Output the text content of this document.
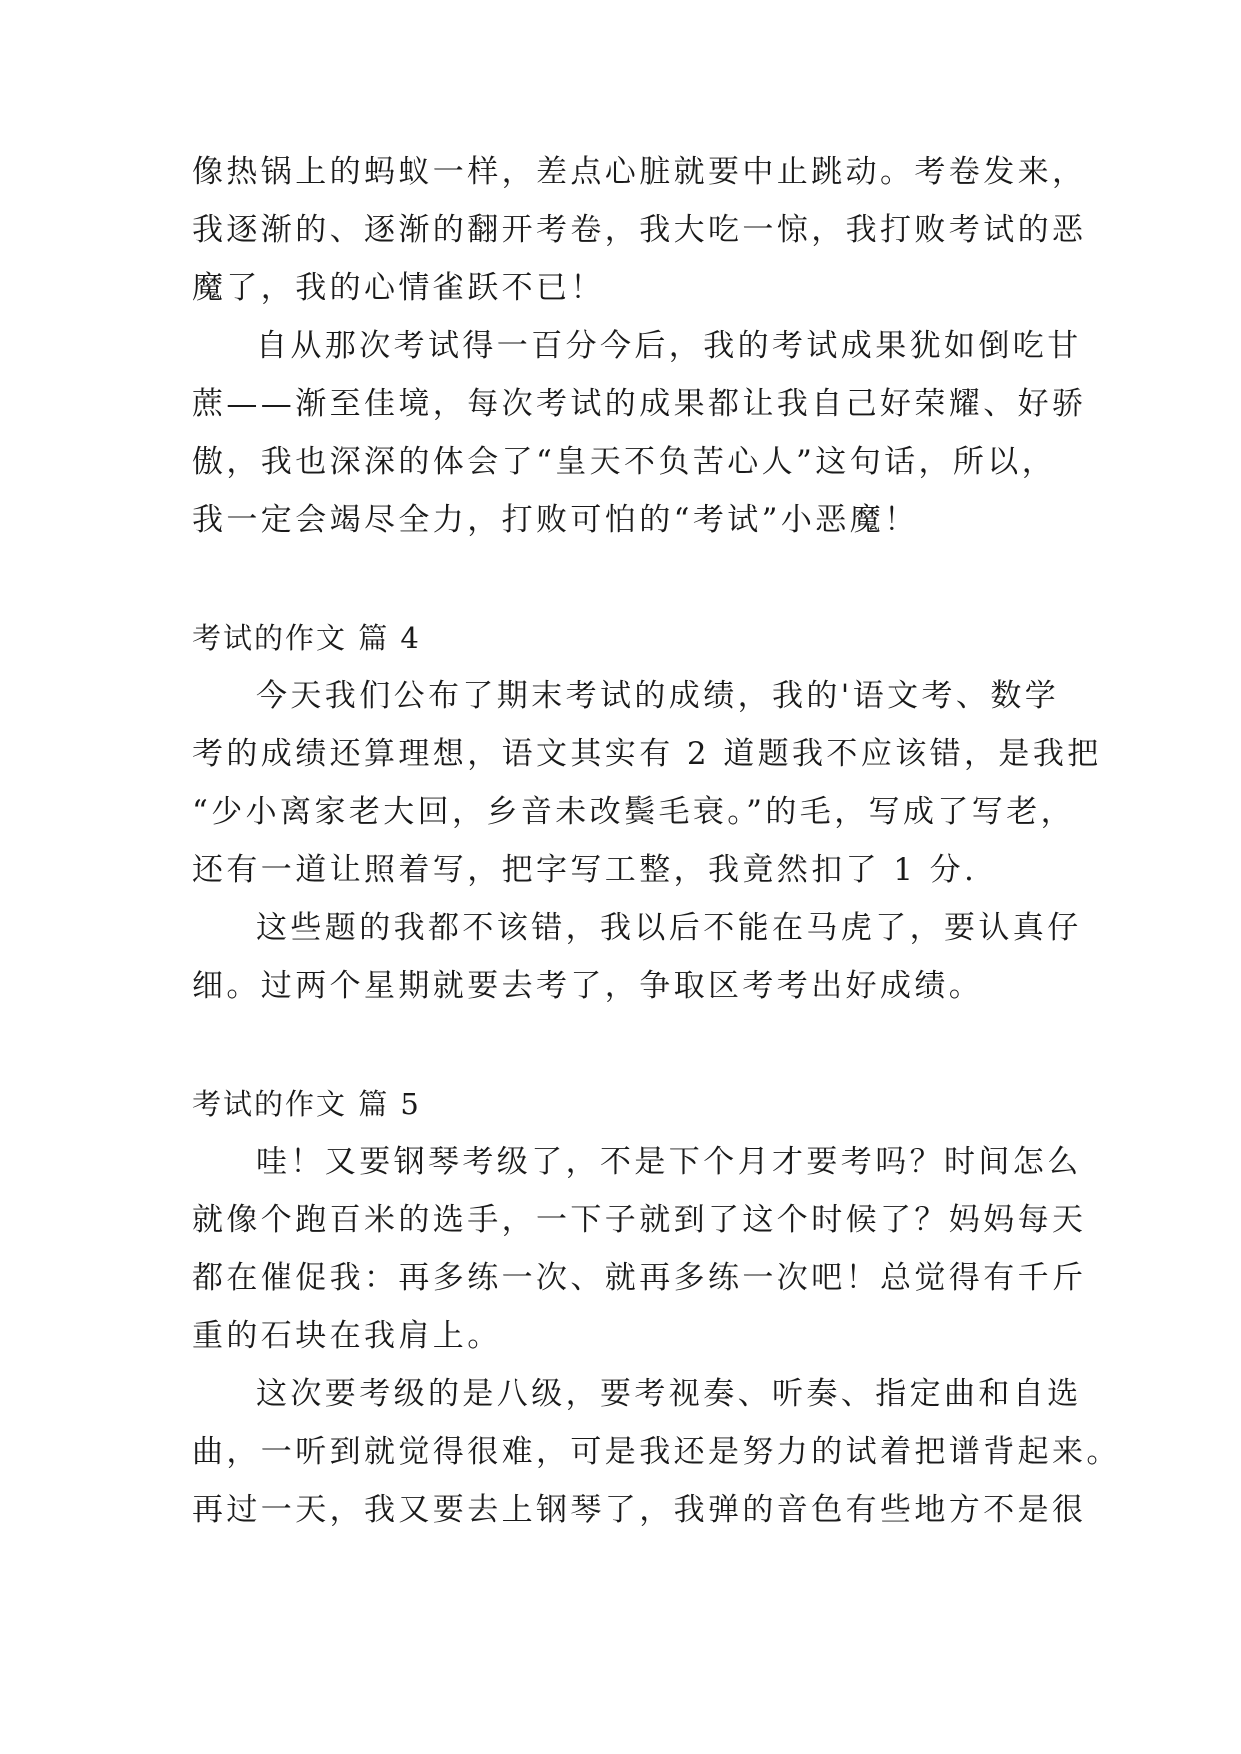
像热锅上的蚂蚁一样，差点心脏就要中止跳动。考卷发来，
我逐渐的、逐渐的翻开考卷，我大吃一惊，我打败考试的恶
魔了，我的心情雀跃不已！
自从那次考试得一百分今后，我的考试成果犹如倒吃甘
蔗——渐至佳境，每次考试的成果都让我自己好荣耀、好骄
傲，我也深深的体会了“皇天不负苦心人”这句话，所以，
我一定会竭尽全力，打败可怕的“考试”小恶魔！
考试的作文 篇 4
今天我们公布了期末考试的成绩，我的'语文考、数学
考的成绩还算理想，语文其实有 2 道题我不应该错，是我把
“少小离家老大回，乡音未改鬓毛衰。”的毛，写成了写老，
还有一道让照着写，把字写工整，我竟然扣了 1 分.
这些题的我都不该错，我以后不能在马虎了，要认真仔
细。过两个星期就要去考了，争取区考考出好成绩。
考试的作文 篇 5
哇！又要钢琴考级了，不是下个月才要考吗？时间怎么
就像个跑百米的选手，一下子就到了这个时候了？妈妈每天
都在催促我：再多练一次、就再多练一次吧！总觉得有千斤
重的石块在我肩上。
这次要考级的是八级，要考视奏、听奏、指定曲和自选
曲，一听到就觉得很难，可是我还是努力的试着把谱背起来。
再过一天，我又要去上钢琴了，我弹的音色有些地方不是很
